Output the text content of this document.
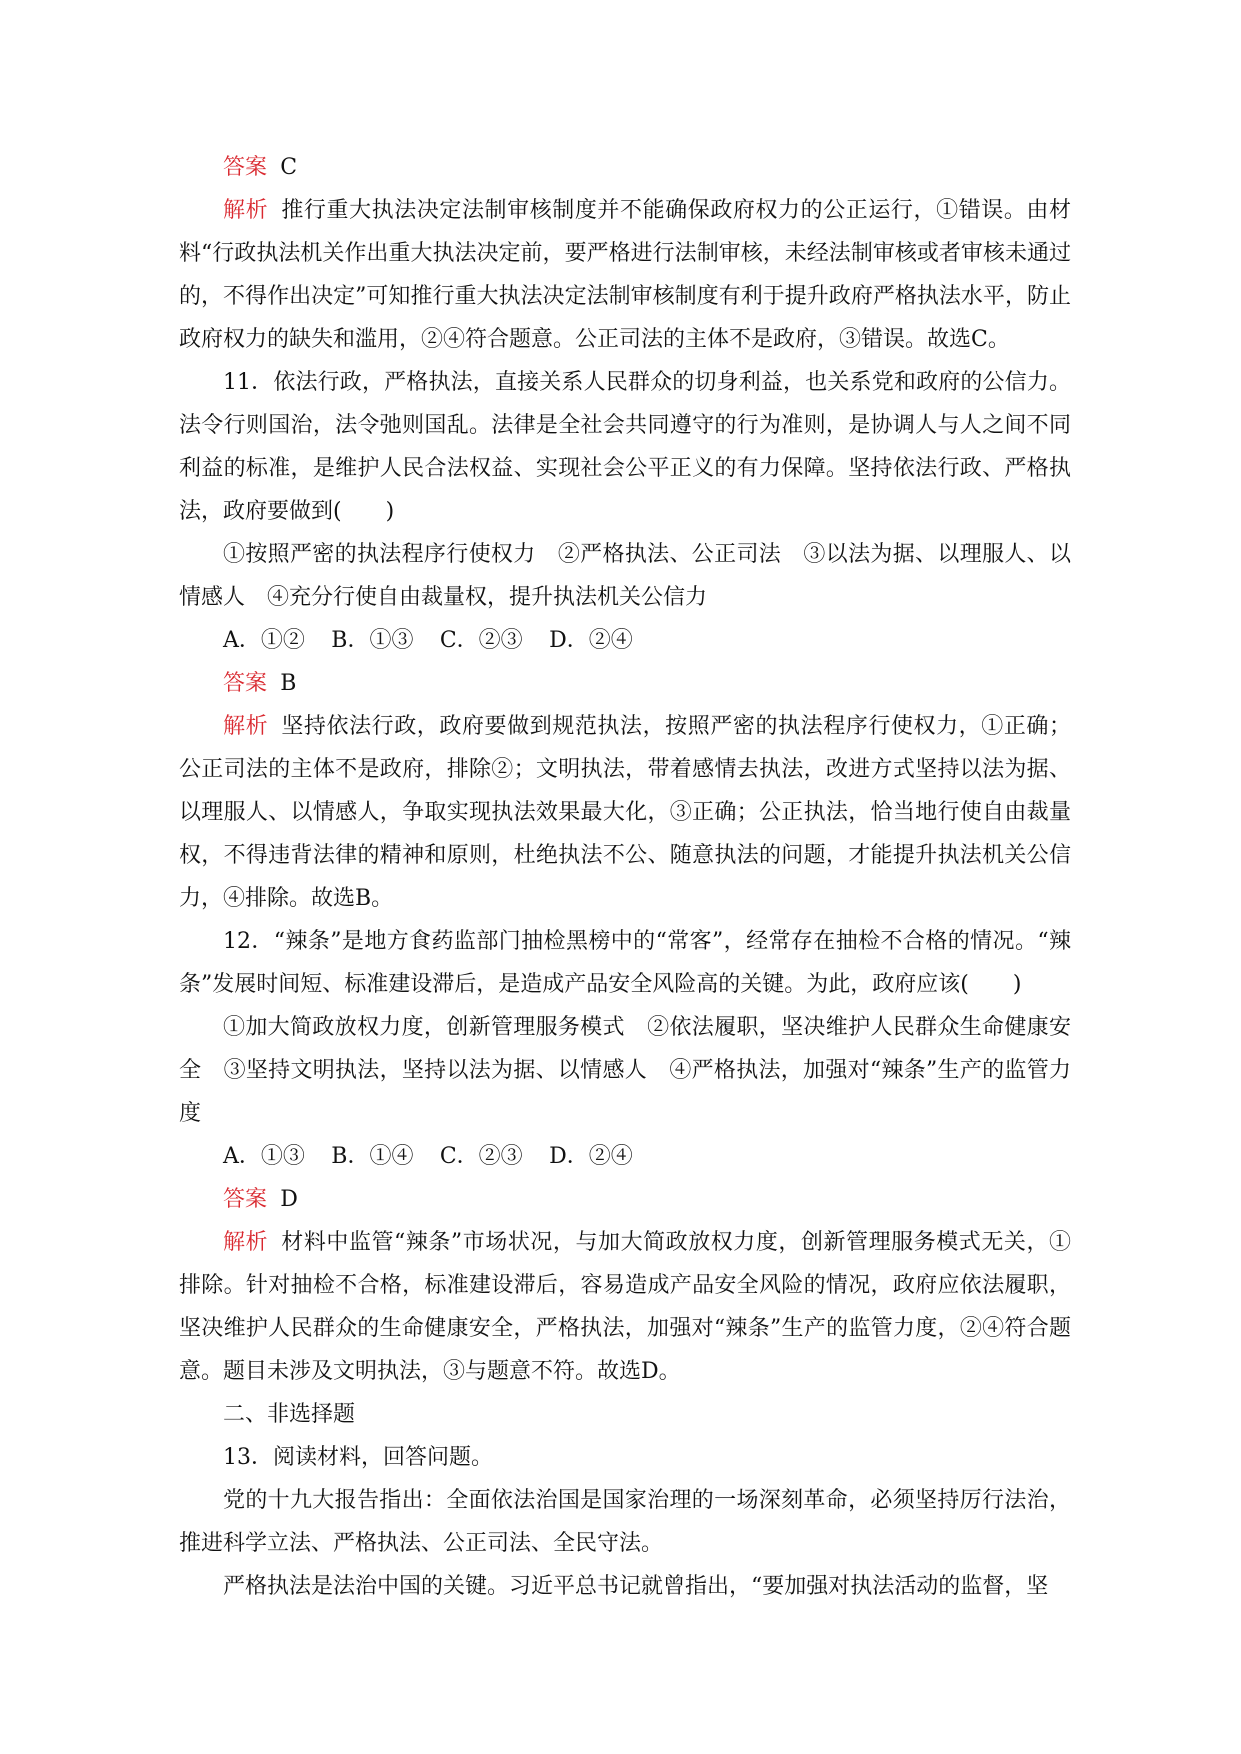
答案 C

解析 推行重大执法决定法制审核制度并不能确保政府权力的公正运行，①错误。由材料“行政执法机关作出重大执法决定前，要严格进行法制审核，未经法制审核或者审核未通过的，不得作出决定”可知推行重大执法决定法制审核制度有利于提升政府严格执法水平，防止政府权力的缺失和滥用，②④符合题意。公正司法的主体不是政府，③错误。故选C。

11．依法行政，严格执法，直接关系人民群众的切身利益，也关系党和政府的公信力。法令行则国治，法令弛则国乱。法律是全社会共同遵守的行为准则，是协调人与人之间不同利益的标准，是维护人民合法权益、实现社会公平正义的有力保障。坚持依法行政、严格执法，政府要做到(　　)

①按照严密的执法程序行使权力　②严格执法、公正司法　③以法为据、以理服人、以情感人　④充分行使自由裁量权，提升执法机关公信力

A．①② B．①③ C．②③ D．②④

答案 B

解析 坚持依法行政，政府要做到规范执法，按照严密的执法程序行使权力，①正确；公正司法的主体不是政府，排除②；文明执法，带着感情去执法，改进方式坚持以法为据、以理服人、以情感人，争取实现执法效果最大化，③正确；公正执法，恰当地行使自由裁量权，不得违背法律的精神和原则，杜绝执法不公、随意执法的问题，才能提升执法机关公信力，④排除。故选B。

12．“辣条”是地方食药监部门抽检黑榜中的“常客”，经常存在抽检不合格的情况。“辣条”发展时间短、标准建设滞后，是造成产品安全风险高的关键。为此，政府应该(　　)

①加大简政放权力度，创新管理服务模式　②依法履职，坚决维护人民群众生命健康安全　③坚持文明执法，坚持以法为据、以情感人　④严格执法，加强对“辣条”生产的监管力度

A．①③ B．①④ C．②③ D．②④

答案 D

解析 材料中监管“辣条”市场状况，与加大简政放权力度，创新管理服务模式无关，①排除。针对抽检不合格，标准建设滞后，容易造成产品安全风险的情况，政府应依法履职，坚决维护人民群众的生命健康安全，严格执法，加强对“辣条”生产的监管力度，②④符合题意。题目未涉及文明执法，③与题意不符。故选D。

二、非选择题

13．阅读材料，回答问题。

党的十九大报告指出：全面依法治国是国家治理的一场深刻革命，必须坚持厉行法治，推进科学立法、严格执法、公正司法、全民守法。

严格执法是法治中国的关键。习近平总书记就曾指出，“要加强对执法活动的监督，坚
